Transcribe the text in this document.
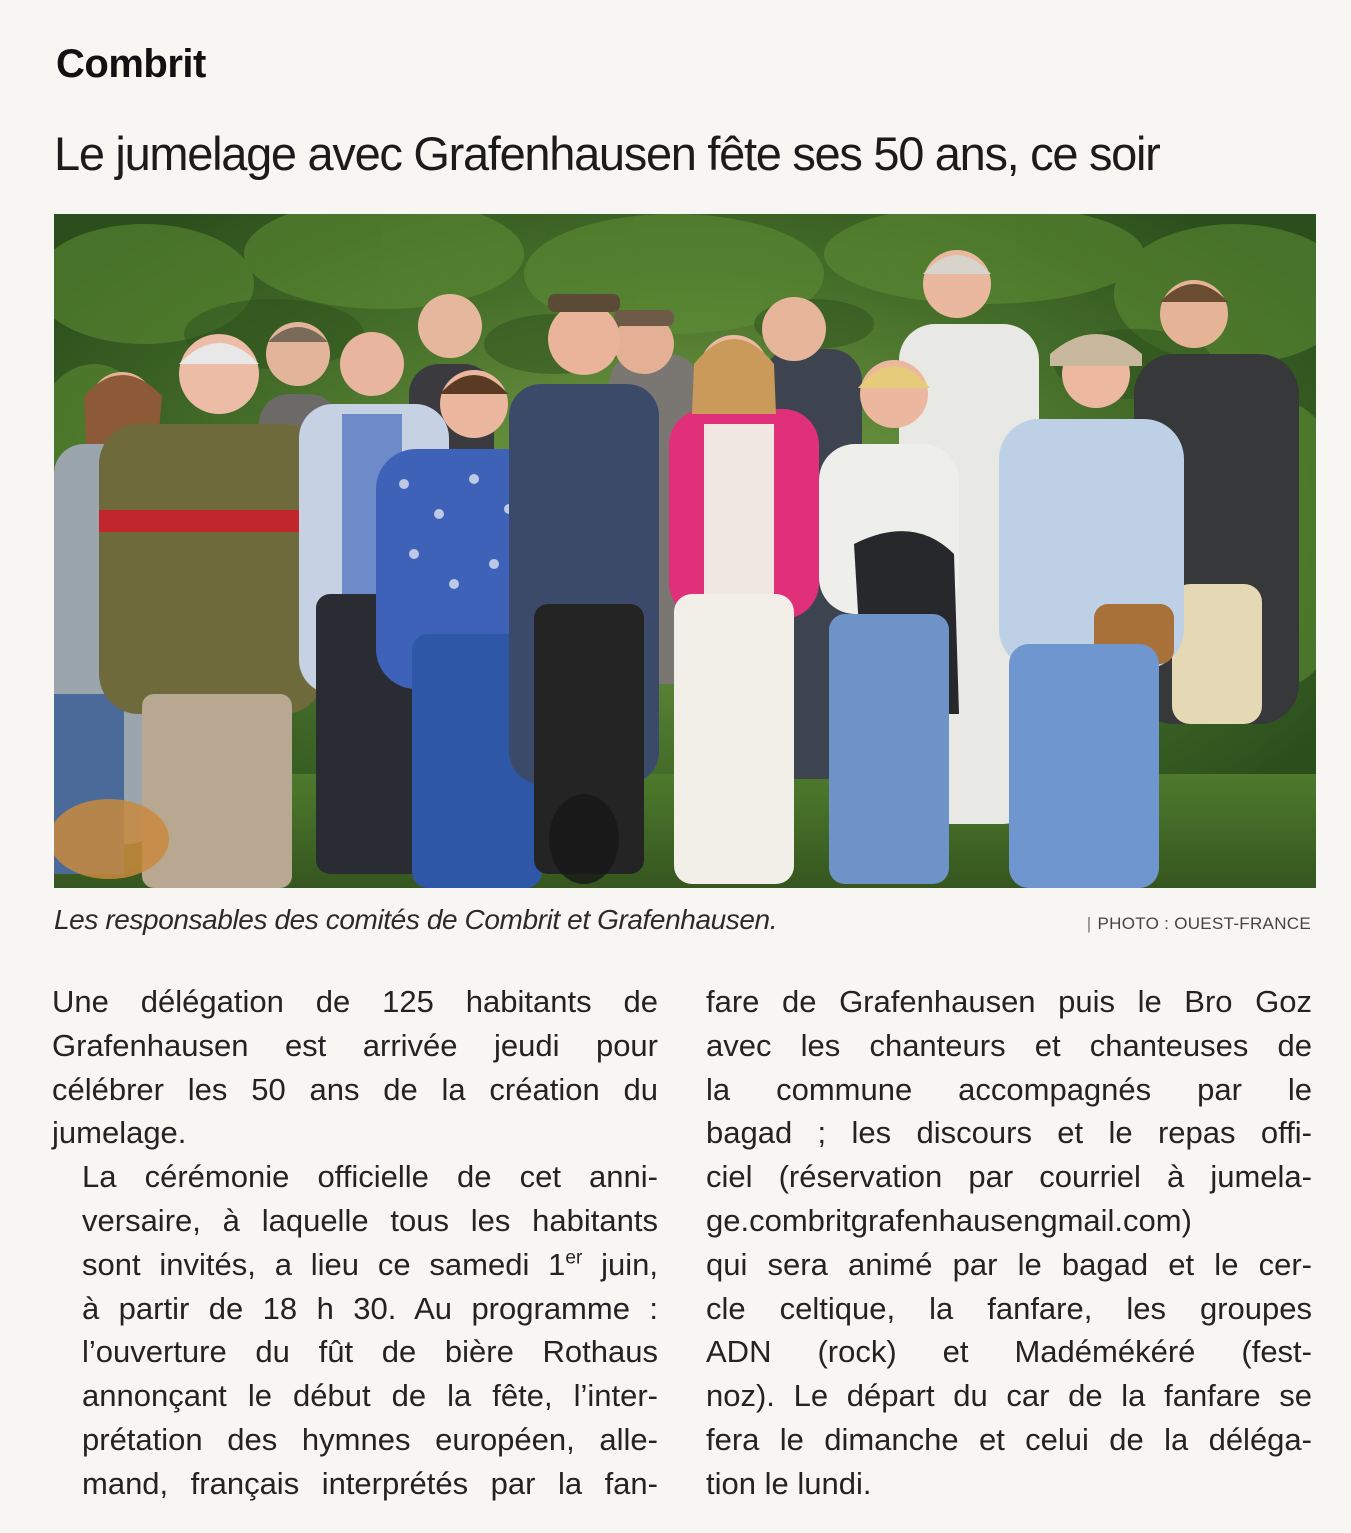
Combrit
Le jumelage avec Grafenhausen fête ses 50 ans, ce soir
Les responsables des comités de Combrit et Grafenhausen.	| PHOTO : OUEST-FRANCE

Une délégation de 125 habitants de
Grafenhausen est arrivée jeudi pour
célébrer les 50 ans de la création du
jumelage.

La cérémonie officielle de cet anni-
versaire, à laquelle tous les habitants
sont invités, a lieu ce samedi 1er juin,
à partir de 18 h 30. Au programme :
l’ouverture du fût de bière Rothaus
annonçant le début de la fête, l’inter-
prétation des hymnes européen, alle-
mand, français interprétés par la fan-

fare de Grafenhausen puis le Bro Goz
avec les chanteurs et chanteuses de
la commune accompagnés par le
bagad ; les discours et le repas offi-
ciel (réservation par courriel à jumela-
ge.combritgrafenhausengmail.com)
qui sera animé par le bagad et le cer-
cle celtique, la fanfare, les groupes
ADN (rock) et Madémékéré (fest-
noz). Le départ du car de la fanfare se
fera le dimanche et celui de la déléga-
tion le lundi.
